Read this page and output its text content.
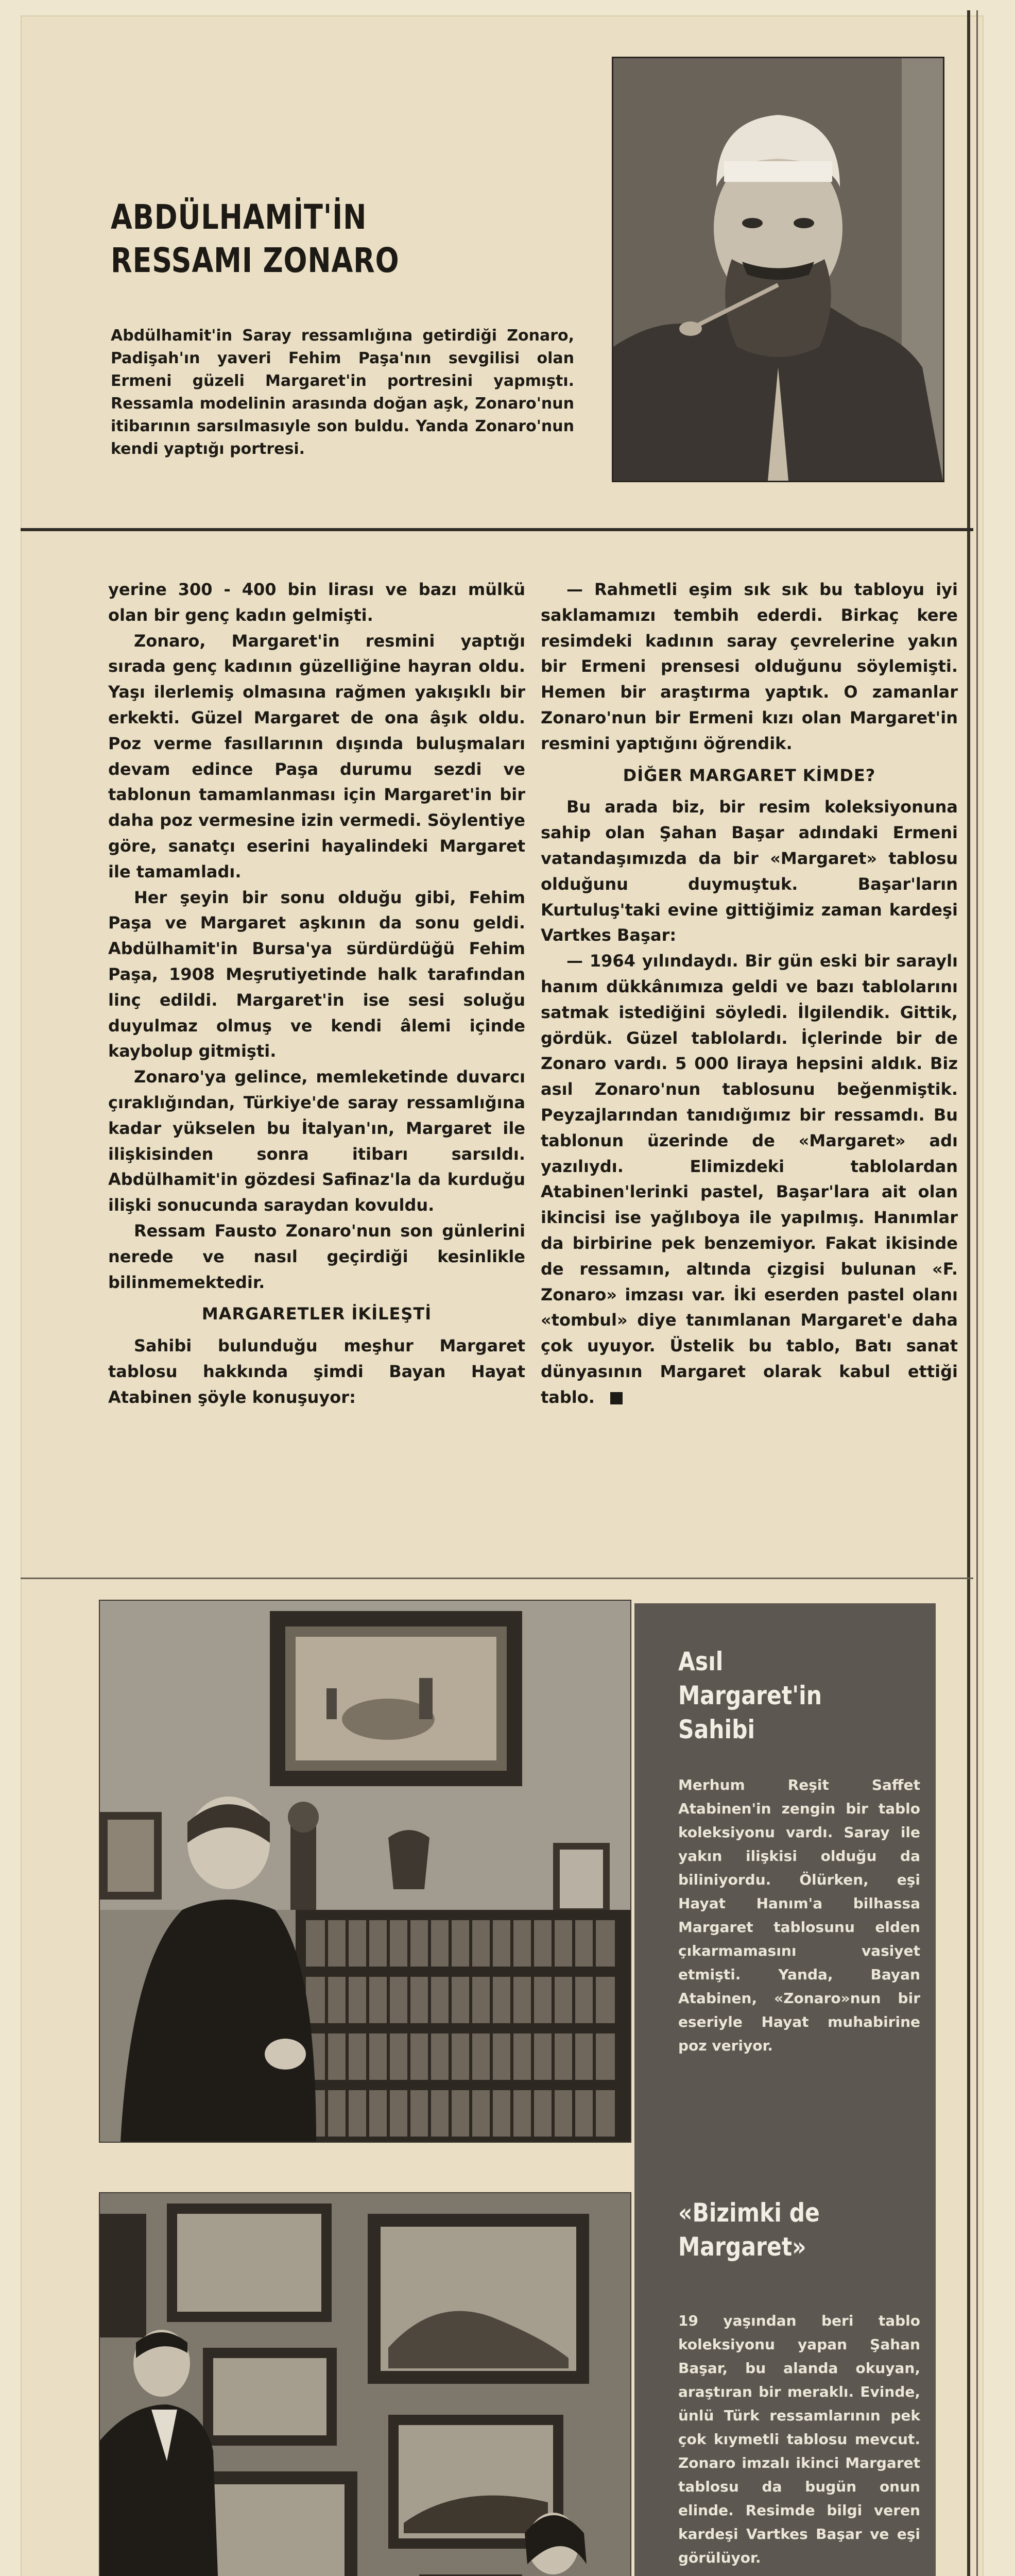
ABDÜLHAMİT'İN
RESSAMI ZONARO
Abdülhamit'in Saray ressamlığına getirdiği Zonaro, Padişah'ın yaveri Fehim Paşa'nın sevgilisi olan Ermeni güzeli Margaret'in portresini yapmıştı. Ressamla modelinin arasında doğan aşk, Zonaro'nun itibarının sarsılmasıyle son buldu. Yanda Zonaro'nun kendi yaptığı portresi.

yerine 300 - 400 bin lirası ve bazı mülkü olan bir genç kadın gelmişti.

Zonaro, Margaret'in resmini yaptığı sırada genç kadının güzelliğine hayran oldu. Yaşı ilerlemiş olmasına rağmen yakışıklı bir erkekti. Güzel Margaret de ona âşık oldu. Poz verme fasıllarının dışında buluşmaları devam edince Paşa durumu sezdi ve tablonun tamamlanması için Margaret'in bir daha poz vermesine izin vermedi. Söylentiye göre, sanatçı eserini hayalindeki Margaret ile tamamladı.

Her şeyin bir sonu olduğu gibi, Fehim Paşa ve Margaret aşkının da sonu geldi. Abdülhamit'in Bursa'ya sürdürdüğü Fehim Paşa, 1908 Meşrutiyetinde halk tarafından linç edildi. Margaret'in ise sesi soluğu duyulmaz olmuş ve kendi âlemi içinde kaybolup gitmişti.

Zonaro'ya gelince, memleketinde duvarcı çıraklığından, Türkiye'de saray ressamlığına kadar yükselen bu İtalyan'ın, Margaret ile ilişkisinden sonra itibarı sarsıldı. Abdülhamit'in gözdesi Safinaz'la da kurduğu ilişki sonucunda saraydan kovuldu.

Ressam Fausto Zonaro'nun son günlerini nerede ve nasıl geçirdiği kesinlikle bilinmemektedir.

MARGARETLER İKİLEŞTİ

Sahibi bulunduğu meşhur Margaret tablosu hakkında şimdi Bayan Hayat Atabinen şöyle konuşuyor:

— Rahmetli eşim sık sık bu tabloyu iyi saklamamızı tembih ederdi. Birkaç kere resimdeki kadının saray çevrelerine yakın bir Ermeni prensesi olduğunu söylemişti. Hemen bir araştırma yaptık. O zamanlar Zonaro'nun bir Ermeni kızı olan Margaret'in resmini yaptığını öğrendik.

DİĞER MARGARET KİMDE?

Bu arada biz, bir resim koleksiyonuna sahip olan Şahan Başar adındaki Ermeni vatandaşımızda da bir «Margaret» tablosu olduğunu duymuştuk. Başar'ların Kurtuluş'taki evine gittiğimiz zaman kardeşi Vartkes Başar:

— 1964 yılındaydı. Bir gün eski bir saraylı hanım dükkânımıza geldi ve bazı tablolarını satmak istediğini söyledi. İlgilendik. Gittik, gördük. Güzel tablolardı. İçlerinde bir de Zonaro vardı. 5 000 liraya hepsini aldık. Biz asıl Zonaro'nun tablosunu beğenmiştik. Peyzajlarından tanıdığımız bir ressamdı. Bu tablonun üzerinde de «Margaret» adı yazılıydı. Elimizdeki tablolardan Atabinen'lerinki pastel, Başar'lara ait olan ikincisi ise yağlıboya ile yapılmış. Hanımlar da birbirine pek benzemiyor. Fakat ikisinde de ressamın, altında çizgisi bulunan «F. Zonaro» imzası var. İki eserden pastel olanı «tombul» diye tanımlanan Margaret'e daha çok uyuyor. Üstelik bu tablo, Batı sanat dünyasının Margaret olarak kabul ettiği tablo.

Asıl
Margaret'in
Sahibi
Merhum Reşit Saffet Atabinen'in zengin bir tablo koleksiyonu vardı. Saray ile yakın ilişkisi olduğu da biliniyordu. Ölürken, eşi Hayat Hanım'a bilhassa Margaret tablosunu elden çıkarmamasını vasiyet etmişti. Yanda, Bayan Atabinen, «Zonaro»nun bir eseriyle Hayat muhabirine poz veriyor.
«Bizimki de
Margaret»
19 yaşından beri tablo koleksiyonu yapan Şahan Başar, bu alanda okuyan, araştıran bir meraklı. Evinde, ünlü Türk ressamlarının pek çok kıymetli tablosu mevcut. Zonaro imzalı ikinci Margaret tablosu da bugün onun elinde. Resimde bilgi veren kardeşi Vartkes Başar ve eşi görülüyor.
